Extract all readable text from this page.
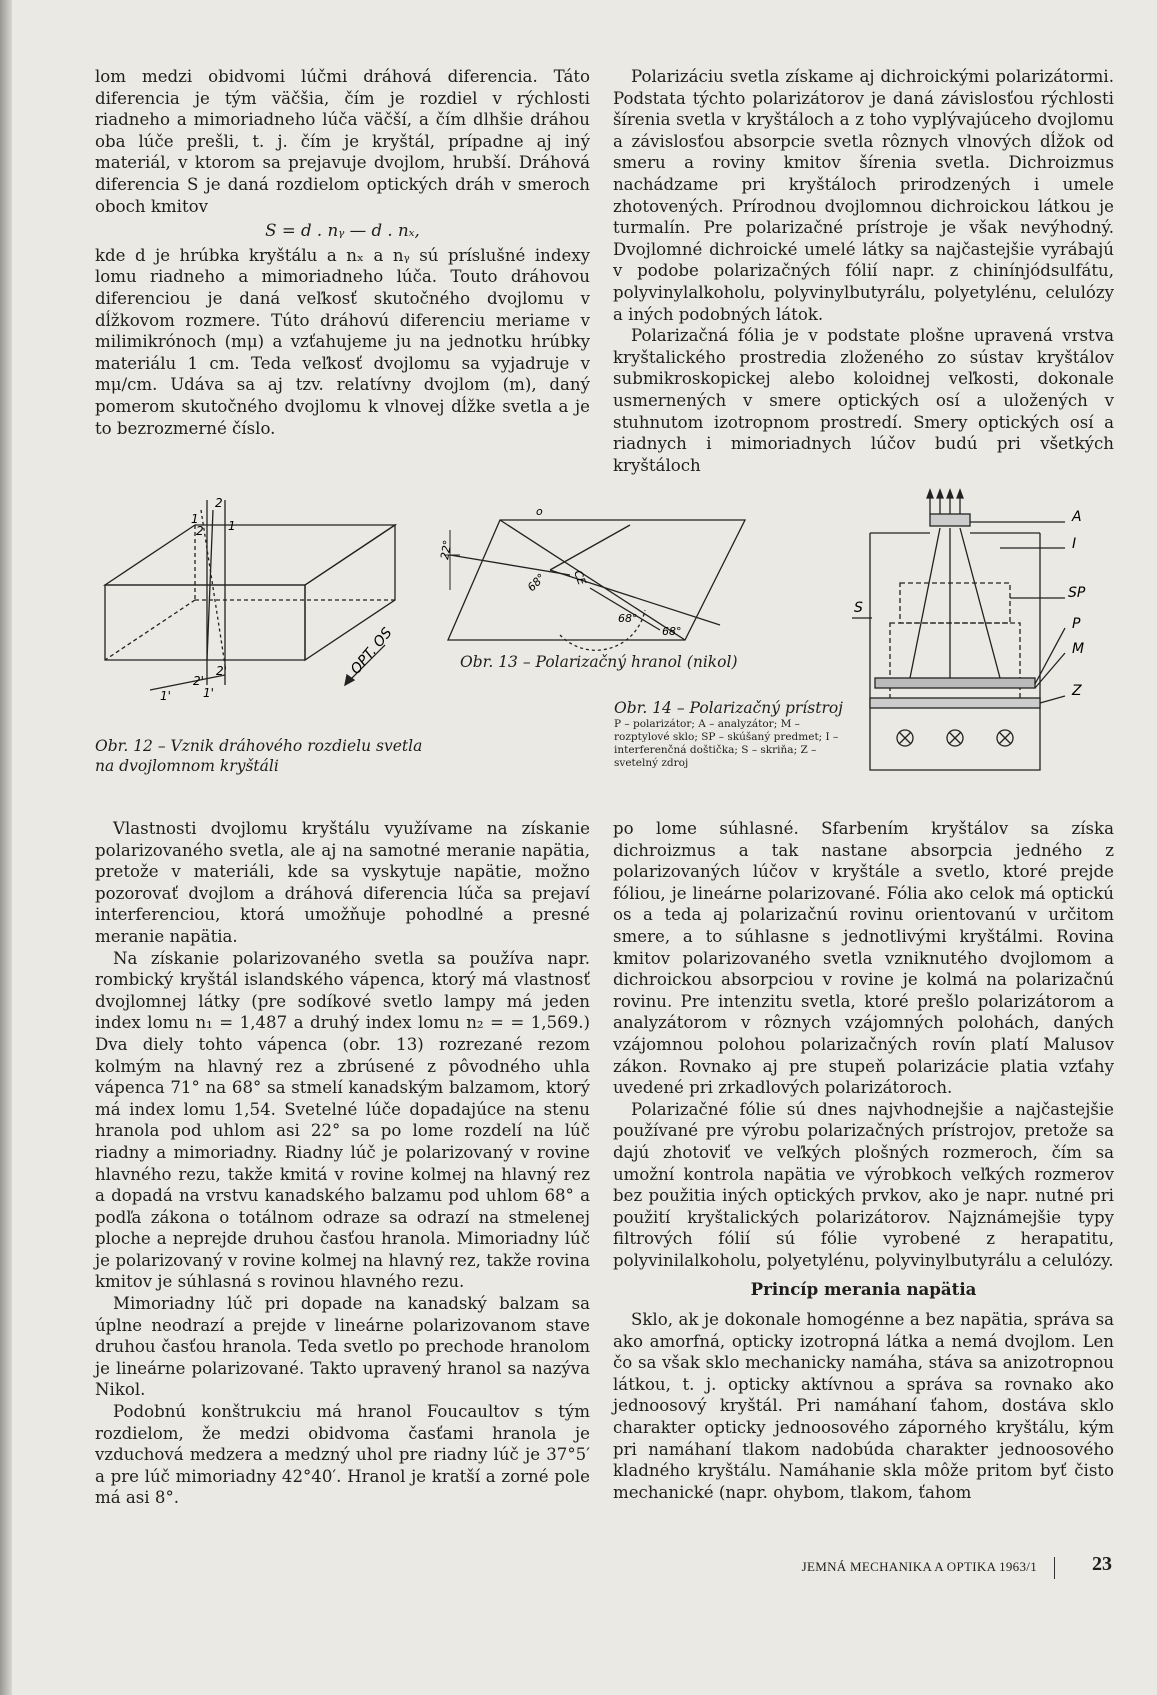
lom medzi obidvomi lúčmi dráhová diferencia. Táto diferencia je tým väčšia, čím je rozdiel v rýchlosti riadneho a mimoriadneho lúča väčší, a čím dlhšie dráhou oba lúče prešli, t. j. čím je kryštál, prípadne aj iný materiál, v ktorom sa prejavuje dvojlom, hrubší. Dráhová diferencia S je daná rozdielom optických dráh v smeroch oboch kmitov

S = d . nᵧ — d . nₓ,

kde d je hrúbka kryštálu a nₓ a nᵧ sú príslušné indexy lomu riadneho a mimoriadneho lúča. Touto dráhovou diferenciou je daná veľkosť skutočného dvojlomu v dĺžkovom rozmere. Túto dráhovú diferenciu meriame v milimikrónoch (mμ) a vzťahujeme ju na jednotku hrúbky materiálu 1 cm. Teda veľkosť dvojlomu sa vyjadruje v mμ/cm. Udáva sa aj tzv. relatívny dvojlom (m), daný pomerom skutočného dvojlomu k vlnovej dĺžke svetla a je to bezrozmerné číslo.

Polarizáciu svetla získame aj dichroickými polarizátormi. Podstata týchto polarizátorov je daná závislosťou rýchlosti šírenia svetla v kryštáloch a z toho vyplývajúceho dvojlomu a závislosťou absorpcie svetla rôznych vlnových dĺžok od smeru a roviny kmitov šírenia svetla. Dichroizmus nachádzame pri kryštáloch prirodzených i umele zhotovených. Prírodnou dvojlomnou dichroickou látkou je turmalín. Pre polarizačné prístroje je však nevýhodný. Dvojlomné dichroické umelé látky sa najčastejšie vyrábajú v podobe polarizačných fólií napr. z chinínjódsulfátu, polyvinylalkoholu, polyvinylbutyrálu, polyetylénu, celulózy a iných podobných látok.

Polarizačná fólia je v podstate plošne upravená vrstva kryštalického prostredia zloženého zo sústav kryštálov submikroskopickej alebo koloidnej veľkosti, dokonale usmernených v smere optických osí a uložených v stuhnutom izotropnom prostredí. Smery optických osí a riadnych i mimoriadnych lúčov budú pri všetkých kryštáloch

2
2 1
1
2'
2'
1'	1'
OPT. OS
Obr. 12 – Vznik dráhového rozdielu svetla na dvojlomnom kryštáli
o
22°
68° CE
68°
68°
Obr. 13 – Polarizačný hranol (nikol)
A
I
SP
P
M
Z
S
Obr. 14 – Polarizačný prístroj
P – polarizátor; A – analyzátor; M – rozptylové sklo; SP – skúšaný predmet; I – interferenčná doštička; S – skriňa; Z – svetelný zdroj

Vlastnosti dvojlomu kryštálu využívame na získanie polarizovaného svetla, ale aj na samotné meranie napätia, pretože v materiáli, kde sa vyskytuje napätie, možno pozorovať dvojlom a dráhová diferencia lúča sa prejaví interferenciou, ktorá umožňuje pohodlné a presné meranie napätia.

Na získanie polarizovaného svetla sa používa napr. rombický kryštál islandského vápenca, ktorý má vlastnosť dvojlomnej látky (pre sodíkové svetlo lampy má jeden index lomu n₁ = 1,487 a druhý index lomu n₂ = = 1,569.) Dva diely tohto vápenca (obr. 13) rozrezané rezom kolmým na hlavný rez a zbrúsené z pôvodného uhla vápenca 71° na 68° sa stmelí kanadským balzamom, ktorý má index lomu 1,54. Svetelné lúče dopadajúce na stenu hranola pod uhlom asi 22° sa po lome rozdelí na lúč riadny a mimoriadny. Riadny lúč je polarizovaný v rovine hlavného rezu, takže kmitá v rovine kolmej na hlavný rez a dopadá na vrstvu kanadského balzamu pod uhlom 68° a podľa zákona o totálnom odraze sa odrazí na stmelenej ploche a neprejde druhou časťou hranola. Mimoriadny lúč je polarizovaný v rovine kolmej na hlavný rez, takže rovina kmitov je súhlasná s rovinou hlavného rezu.

Mimoriadny lúč pri dopade na kanadský balzam sa úplne neodrazí a prejde v lineárne polarizovanom stave druhou časťou hranola. Teda svetlo po prechode hranolom je lineárne polarizované. Takto upravený hranol sa nazýva Nikol.

Podobnú konštrukciu má hranol Foucaultov s tým rozdielom, že medzi obidvoma časťami hranola je vzduchová medzera a medzný uhol pre riadny lúč je 37°5′ a pre lúč mimoriadny 42°40′. Hranol je kratší a zorné pole má asi 8°.

po lome súhlasné. Sfarbením kryštálov sa získa dichroizmus a tak nastane absorpcia jedného z polarizovaných lúčov v kryštále a svetlo, ktoré prejde fóliou, je lineárne polarizované. Fólia ako celok má optickú os a teda aj polarizačnú rovinu orientovanú v určitom smere, a to súhlasne s jednotlivými kryštálmi. Rovina kmitov polarizovaného svetla vzniknutého dvojlomom a dichroickou absorpciou v rovine je kolmá na polarizačnú rovinu. Pre intenzitu svetla, ktoré prešlo polarizátorom a analyzátorom v rôznych vzájomných polohách, daných vzájomnou polohou polarizačných rovín platí Malusov zákon. Rovnako aj pre stupeň polarizácie platia vzťahy uvedené pri zrkadlových polarizátoroch.

Polarizačné fólie sú dnes najvhodnejšie a najčastejšie používané pre výrobu polarizačných prístrojov, pretože sa dajú zhotoviť ve veľkých plošných rozmeroch, čím sa umožní kontrola napätia ve výrobkoch veľkých rozmerov bez použitia iných optických prvkov, ako je napr. nutné pri použití kryštalických polarizátorov. Najznámejšie typy filtrových fólií sú fólie vyrobené z herapatitu, polyvinilalkoholu, polyetylénu, polyvinylbutyrálu a celulózy.

Princíp merania napätia

Sklo, ak je dokonale homogénne a bez napätia, správa sa ako amorfná, opticky izotropná látka a nemá dvojlom. Len čo sa však sklo mechanicky namáha, stáva sa anizotropnou látkou, t. j. opticky aktívnou a správa sa rovnako ako jednoosový kryštál. Pri namáhaní ťahom, dostáva sklo charakter opticky jednoosového záporného kryštálu, kým pri namáhaní tlakom nadobúda charakter jednoosového kladného kryštálu. Namáhanie skla môže pritom byť čisto mechanické (napr. ohybom, tlakom, ťahom

JEMNÁ MECHANIKA A OPTIKA 1963/1	23
